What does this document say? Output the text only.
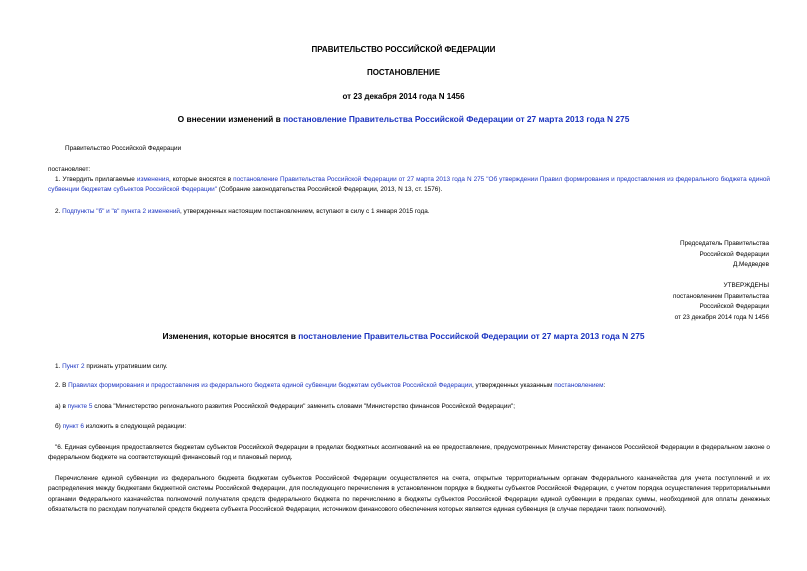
ПРАВИТЕЛЬСТВО РОССИЙСКОЙ ФЕДЕРАЦИИ
ПОСТАНОВЛЕНИЕ
от 23 декабря 2014 года N 1456
О внесении изменений в постановление Правительства Российской Федерации от 27 марта 2013 года N 275
Правительство Российской Федерации
постановляет:
1. Утвердить прилагаемые изменения, которые вносятся в постановление Правительства Российской Федерации от 27 марта 2013 года N 275 "Об утверждении Правил формирования и предоставления из федерального бюджета единой субвенции бюджетам субъектов Российской Федерации" (Собрание законодательства Российской Федерации, 2013, N 13, ст. 1576).
2. Подпункты "б" и "в" пункта 2 изменений, утвержденных настоящим постановлением, вступают в силу с 1 января 2015 года.
Председатель Правительства
Российской Федерации
Д.Медведев
УТВЕРЖДЕНЫ
постановлением Правительства
Российской Федерации
от 23 декабря 2014 года N 1456
Изменения, которые вносятся в постановление Правительства Российской Федерации от 27 марта 2013 года N 275
1. Пункт 2 признать утратившим силу.
2. В Правилах формирования и предоставления из федерального бюджета единой субвенции бюджетам субъектов Российской Федерации, утвержденных указанным постановлением:
а) в пункте 5 слова "Министерство регионального развития Российской Федерации" заменить словами "Министерство финансов Российской Федерации";
б) пункт 6 изложить в следующей редакции:
"6. Единая субвенция предоставляется бюджетам субъектов Российской Федерации в пределах бюджетных ассигнований на ее предоставление, предусмотренных Министерству финансов Российской Федерации в федеральном законе о федеральном бюджете на соответствующий финансовый год и плановый период.
Перечисление единой субвенции из федерального бюджета бюджетам субъектов Российской Федерации осуществляется на счета, открытые территориальным органам Федерального казначейства для учета поступлений и их распределения между бюджетами бюджетной системы Российской Федерации, для последующего перечисления в установленном порядке в бюджеты субъектов Российской Федерации, с учетом порядка осуществления территориальными органами Федерального казначейства полномочий получателя средств федерального бюджета по перечислению в бюджеты субъектов Российской Федерации единой субвенции в пределах суммы, необходимой для оплаты денежных обязательств по расходам получателей средств бюджета субъекта Российской Федерации, источником финансового обеспечения которых является единая субвенция (в случае передачи таких полномочий).
